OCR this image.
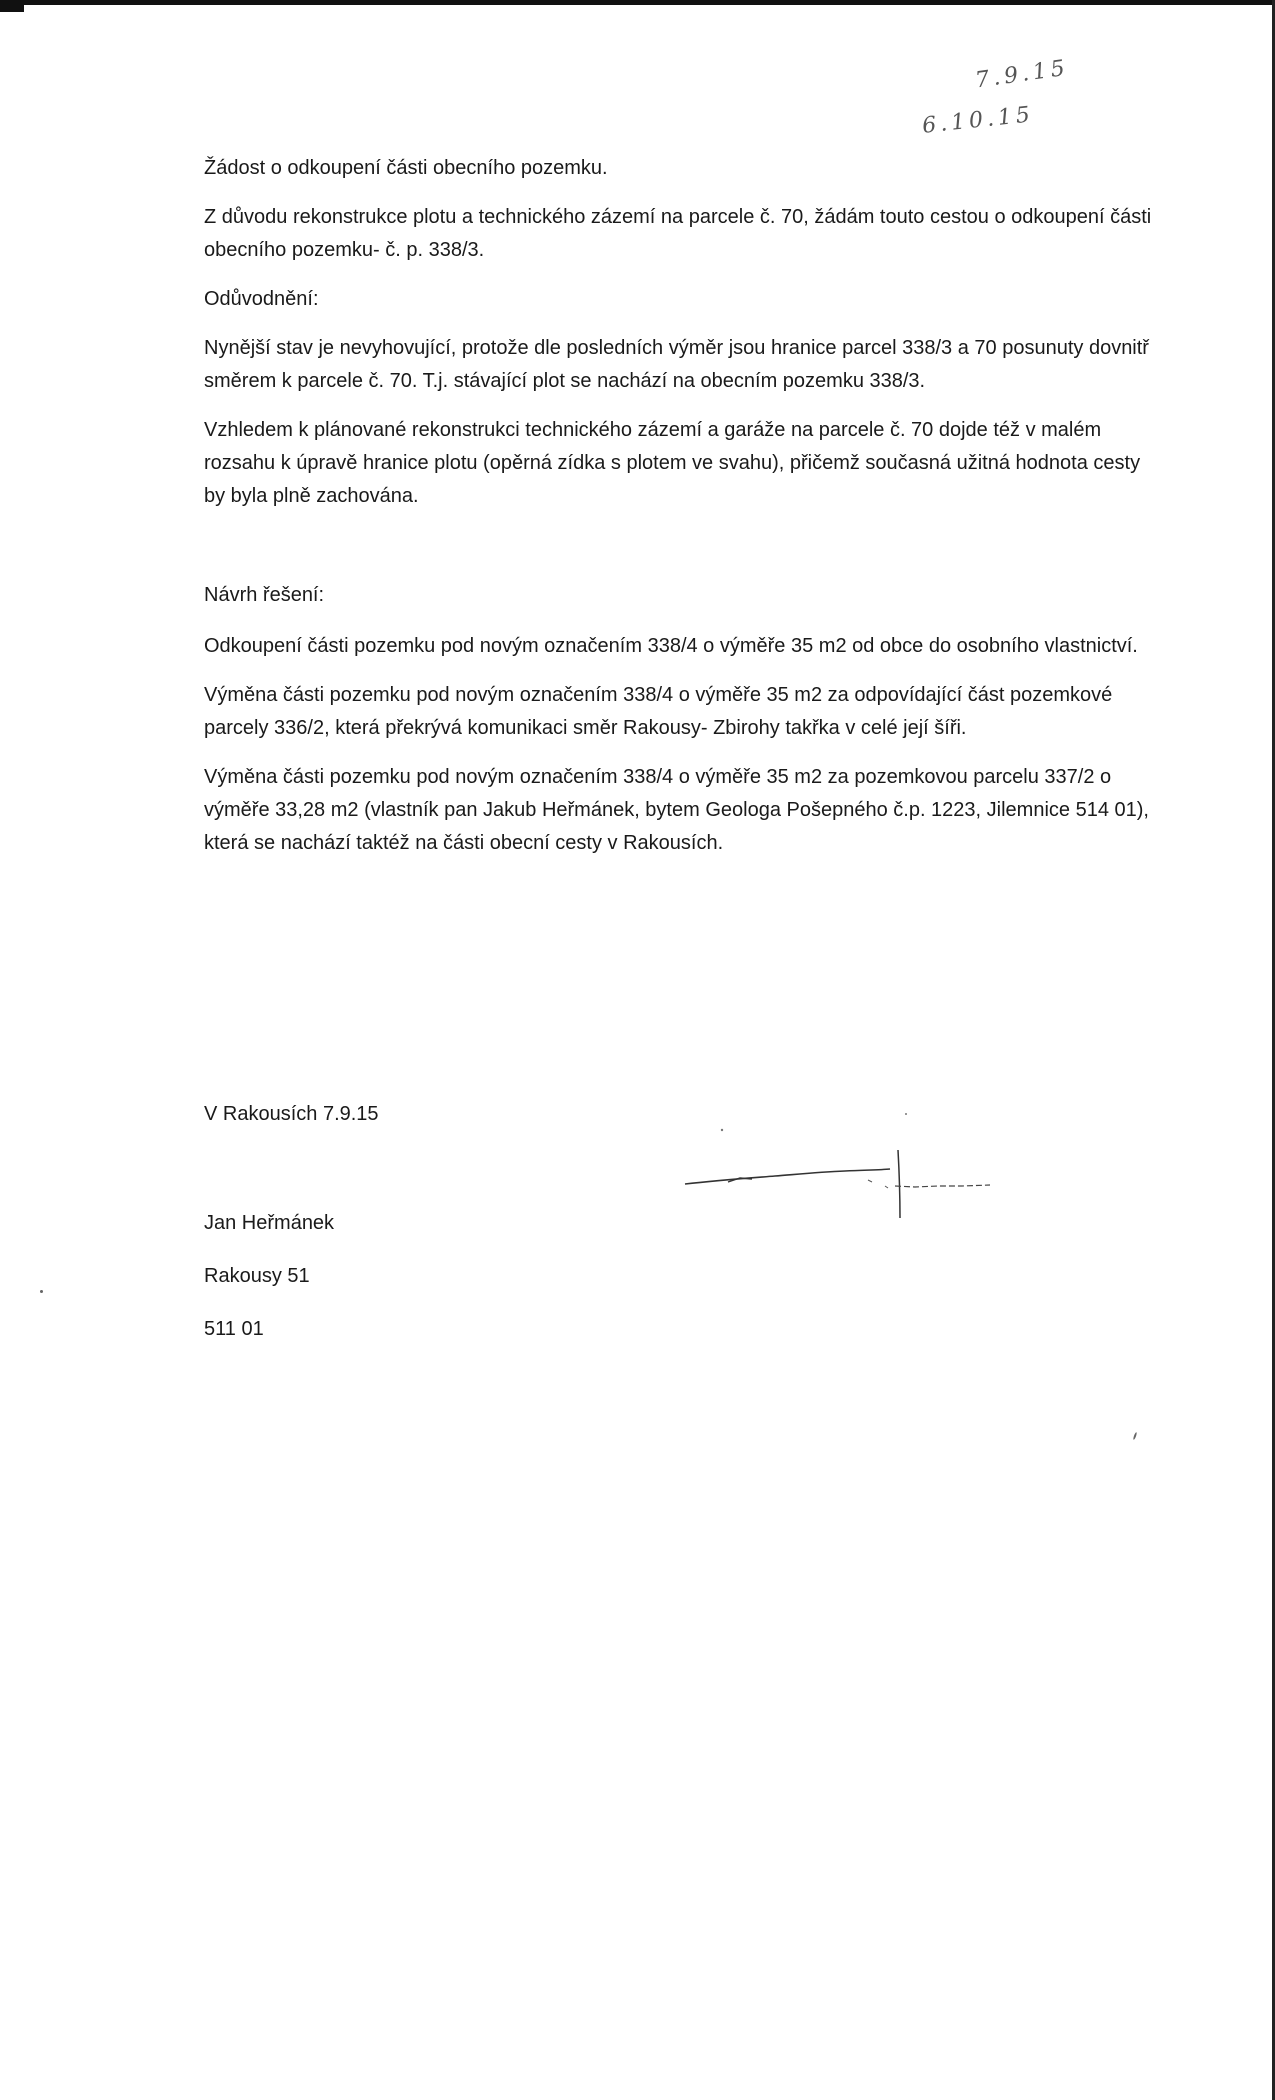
7.9.15
6.10.15

Žádost o odkoupení části obecního pozemku.

Z důvodu rekonstrukce plotu a technického zázemí na parcele č. 70, žádám touto cestou o odkoupení části obecního pozemku- č. p. 338/3.

Odůvodnění:

Nynější stav je nevyhovující, protože dle posledních výměr jsou hranice parcel 338/3 a 70 posunuty dovnitř směrem k parcele č. 70. T.j. stávající plot se nachází na obecním pozemku 338/3.

Vzhledem k plánované rekonstrukci technického zázemí a garáže na parcele č. 70 dojde též v malém rozsahu k úpravě hranice plotu (opěrná zídka s plotem ve svahu), přičemž současná užitná hodnota cesty by byla plně zachována.

Návrh řešení:

Odkoupení části pozemku pod novým označením 338/4 o výměře 35 m2 od obce do osobního vlastnictví.

Výměna části pozemku pod novým označením 338/4 o výměře 35 m2 za odpovídající část pozemkové parcely 336/2, která překrývá komunikaci směr Rakousy- Zbirohy takřka v celé její šíři.

Výměna části pozemku pod novým označením 338/4 o výměře 35 m2 za pozemkovou parcelu 337/2 o výměře 33,28 m2 (vlastník pan Jakub Heřmánek, bytem Geologa Pošepného č.p. 1223, Jilemnice 514 01), která se nachází taktéž na části obecní cesty v Rakousích.

V Rakousích 7.9.15

Jan Heřmánek

Rakousy 51

511 01
